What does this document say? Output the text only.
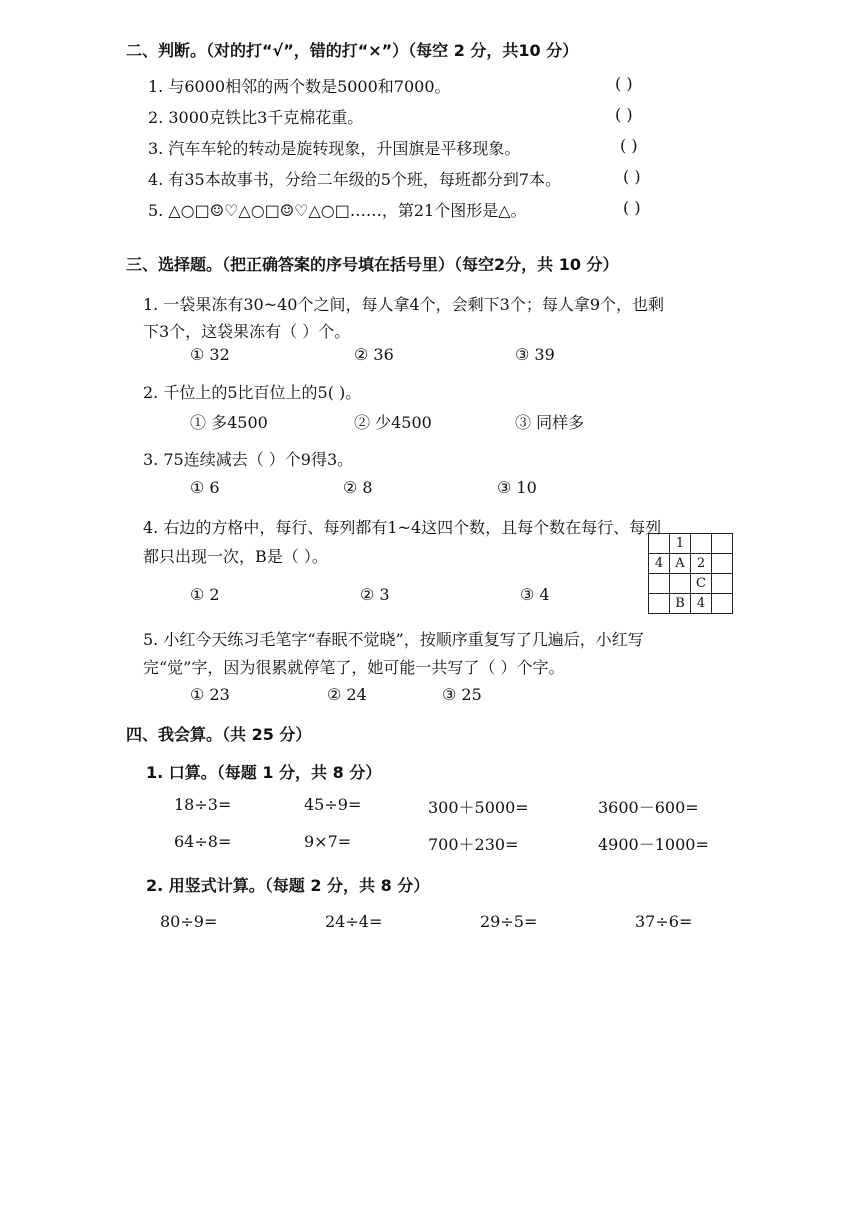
二、判断。（对的打“√”，错的打“×”）（每空 2 分，共10 分）
1. 与6000相邻的两个数是5000和7000。	( )
2. 3000克铁比3千克棉花重。	( )
3. 汽车车轮的转动是旋转现象，升国旗是平移现象。	( )
4. 有35本故事书，分给二年级的5个班，每班都分到7本。	( )
5. △○□☺♡△○□☺♡△○□……，第21个图形是△。	( )
三、选择题。（把正确答案的序号填在括号里）（每空2分，共 10 分）
1. 一袋果冻有30~40个之间，每人拿4个，会剩下3个；每人拿9个，也剩
下3个，这袋果冻有（ ）个。
① 32	② 36	③ 39
2. 千位上的5比百位上的5( )。
① 多4500	② 少4500	③ 同样多
3. 75连续减去（ ）个9得3。
① 6	② 8	③ 10
4. 右边的方格中，每行、每列都有1~4这四个数，且每个数在每行、每列
都只出现一次，B是（ ）。
① 2	② 3	③ 4
	1		
4	A	2	
		C	
	B	4	
5. 小红今天练习毛笔字“春眠不觉晓”，按顺序重复写了几遍后，小红写
完“觉”字，因为很累就停笔了，她可能一共写了（ ）个字。
① 23	② 24	③ 25
四、我会算。（共 25 分）
1. 口算。（每题 1 分，共 8 分）
18÷3=	45÷9=	300＋5000=	3600－600=
64÷8=	9×7=	700＋230=	4900－1000=
2. 用竖式计算。（每题 2 分，共 8 分）
80÷9=	24÷4=	29÷5=	37÷6=
